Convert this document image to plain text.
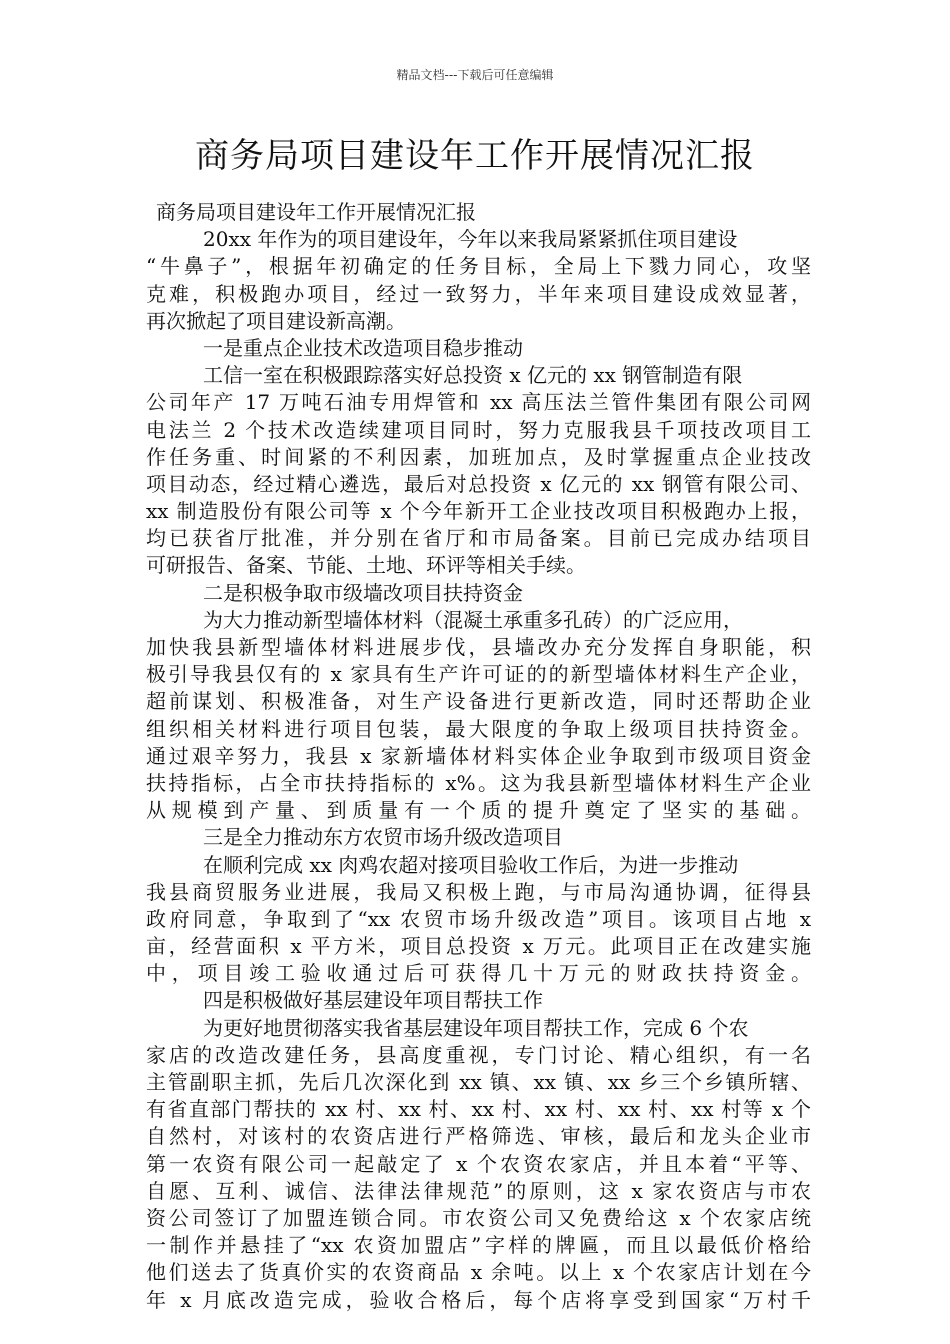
精品文档---下载后可任意编辑
商务局项目建设年工作开展情况汇报
商务局项目建设年工作开展情况汇报
20xx 年作为的项目建设年，今年以来我局紧紧抓住项目建设
“牛鼻子”，根据年初确定的任务目标，全局上下戮力同心，攻坚
克难，积极跑办项目，经过一致努力，半年来项目建设成效显著，
再次掀起了项目建设新高潮。
一是重点企业技术改造项目稳步推动
工信一室在积极跟踪落实好总投资 x 亿元的 xx 钢管制造有限
公司年产 17 万吨石油专用焊管和 xx 高压法兰管件集团有限公司网
电法兰 2 个技术改造续建项目同时，努力克服我县千项技改项目工
作任务重、时间紧的不利因素，加班加点，及时掌握重点企业技改
项目动态，经过精心遴选，最后对总投资 x 亿元的 xx 钢管有限公司、
xx 制造股份有限公司等 x 个今年新开工企业技改项目积极跑办上报，
均已获省厅批准，并分别在省厅和市局备案。目前已完成办结项目
可研报告、备案、节能、土地、环评等相关手续。
二是积极争取市级墙改项目扶持资金
为大力推动新型墙体材料（混凝土承重多孔砖）的广泛应用，
加快我县新型墙体材料进展步伐，县墙改办充分发挥自身职能，积
极引导我县仅有的 x 家具有生产许可证的的新型墙体材料生产企业，
超前谋划、积极准备，对生产设备进行更新改造，同时还帮助企业
组织相关材料进行项目包装，最大限度的争取上级项目扶持资金。
通过艰辛努力，我县 x 家新墙体材料实体企业争取到市级项目资金
扶持指标，占全市扶持指标的 x%。这为我县新型墙体材料生产企业
从规模到产量、到质量有一个质的提升奠定了坚实的基础。
三是全力推动东方农贸市场升级改造项目
在顺利完成 xx 肉鸡农超对接项目验收工作后，为进一步推动
我县商贸服务业进展，我局又积极上跑，与市局沟通协调，征得县
政府同意，争取到了“xx 农贸市场升级改造”项目。该项目占地 x
亩，经营面积 x 平方米，项目总投资 x 万元。此项目正在改建实施
中，项目竣工验收通过后可获得几十万元的财政扶持资金。
四是积极做好基层建设年项目帮扶工作
为更好地贯彻落实我省基层建设年项目帮扶工作，完成 6 个农
家店的改造改建任务，县高度重视，专门讨论、精心组织，有一名
主管副职主抓，先后几次深化到 xx 镇、xx 镇、xx 乡三个乡镇所辖、
有省直部门帮扶的 xx 村、xx 村、xx 村、xx 村、xx 村、xx 村等 x 个
自然村，对该村的农资店进行严格筛选、审核，最后和龙头企业市
第一农资有限公司一起敲定了 x 个农资农家店，并且本着“平等、
自愿、互利、诚信、法律法律规范”的原则，这 x 家农资店与市农
资公司签订了加盟连锁合同。市农资公司又免费给这 x 个农家店统
一制作并悬挂了“xx 农资加盟店”字样的牌匾，而且以最低价格给
他们送去了货真价实的农资商品 x 余吨。以上 x 个农家店计划在今
年 x 月底改造完成，验收合格后，每个店将享受到国家“万村千
